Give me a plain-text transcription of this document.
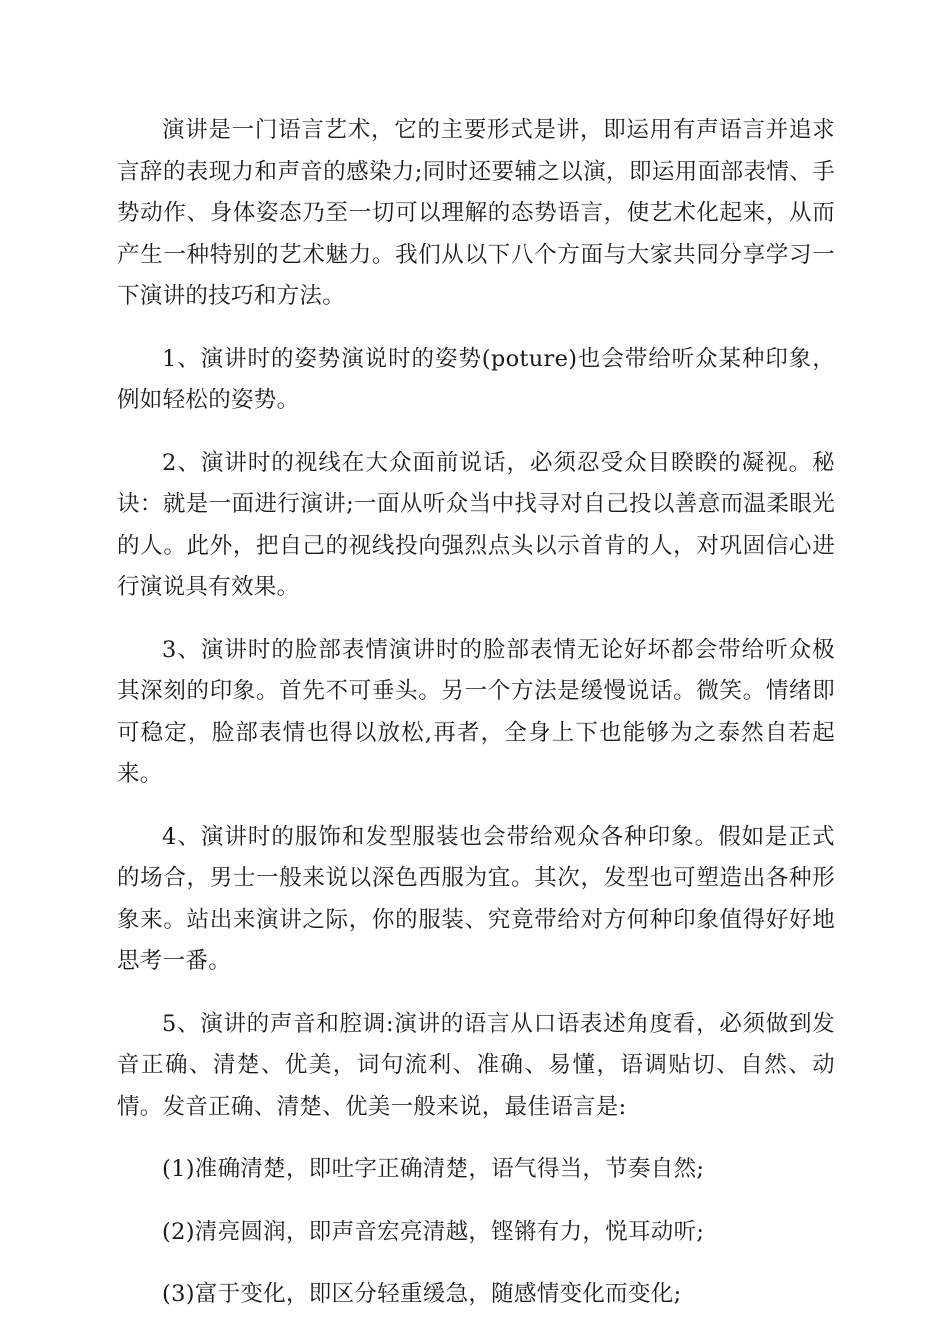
演讲是一门语言艺术，它的主要形式是讲，即运用有声语言并追求言辞的表现力和声音的感染力;同时还要辅之以演，即运用面部表情、手势动作、身体姿态乃至一切可以理解的态势语言，使艺术化起来，从而产生一种特别的艺术魅力。我们从以下八个方面与大家共同分享学习一下演讲的技巧和方法。

1、演讲时的姿势演说时的姿势(poture)也会带给听众某种印象，例如轻松的姿势。

2、演讲时的视线在大众面前说话，必须忍受众目睽睽的凝视。秘诀：就是一面进行演讲;一面从听众当中找寻对自己投以善意而温柔眼光的人。此外，把自己的视线投向强烈点头以示首肯的人，对巩固信心进行演说具有效果。

3、演讲时的脸部表情演讲时的脸部表情无论好坏都会带给听众极其深刻的印象。首先不可垂头。另一个方法是缓慢说话。微笑。情绪即可稳定，脸部表情也得以放松,再者，全身上下也能够为之泰然自若起来。

4、演讲时的服饰和发型服装也会带给观众各种印象。假如是正式的场合，男士一般来说以深色西服为宜。其次，发型也可塑造出各种形象来。站出来演讲之际，你的服装、究竟带给对方何种印象值得好好地思考一番。

5、演讲的声音和腔调:演讲的语言从口语表述角度看，必须做到发音正确、清楚、优美，词句流利、准确、易懂，语调贴切、自然、动情。发音正确、清楚、优美一般来说，最佳语言是:

(1)准确清楚，即吐字正确清楚，语气得当，节奏自然;

(2)清亮圆润，即声音宏亮清越，铿锵有力，悦耳动听;

(3)富于变化，即区分轻重缓急，随感情变化而变化;
